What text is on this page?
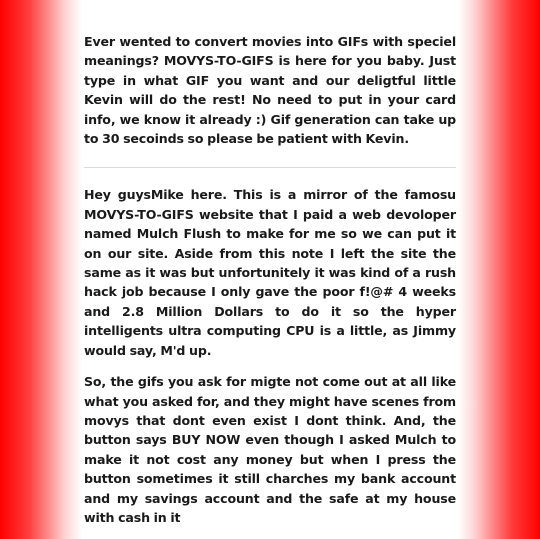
Ever wented to convert movies into GIFs with speciel meanings? MOVYS-TO-GIFS is here for you baby. Just type in what GIF you want and our deligtful little Kevin will do the rest! No need to put in your card info, we know it already :) Gif generation can take up to 30 secoinds so please be patient with Kevin.

Hey guysMike here. This is a mirror of the famosu MOVYS-TO-GIFS website that I paid a web devoloper named Mulch Flush to make for me so we can put it on our site. Aside from this note I left the site the same as it was but unfortunitely it was kind of a rush hack job because I only gave the poor f!@# 4 weeks and 2.8 Million Dollars to do it so the hyper intelligents ultra computing CPU is a little, as Jimmy would say, M'd up.

So, the gifs you ask for migte not come out at all like what you asked for, and they might have scenes from movys that dont even exist I dont think. And, the button says BUY NOW even though I asked Mulch to make it not cost any money but when I press the button sometimes it still charches my bank account and my savings account and the safe at my house with cash in it
